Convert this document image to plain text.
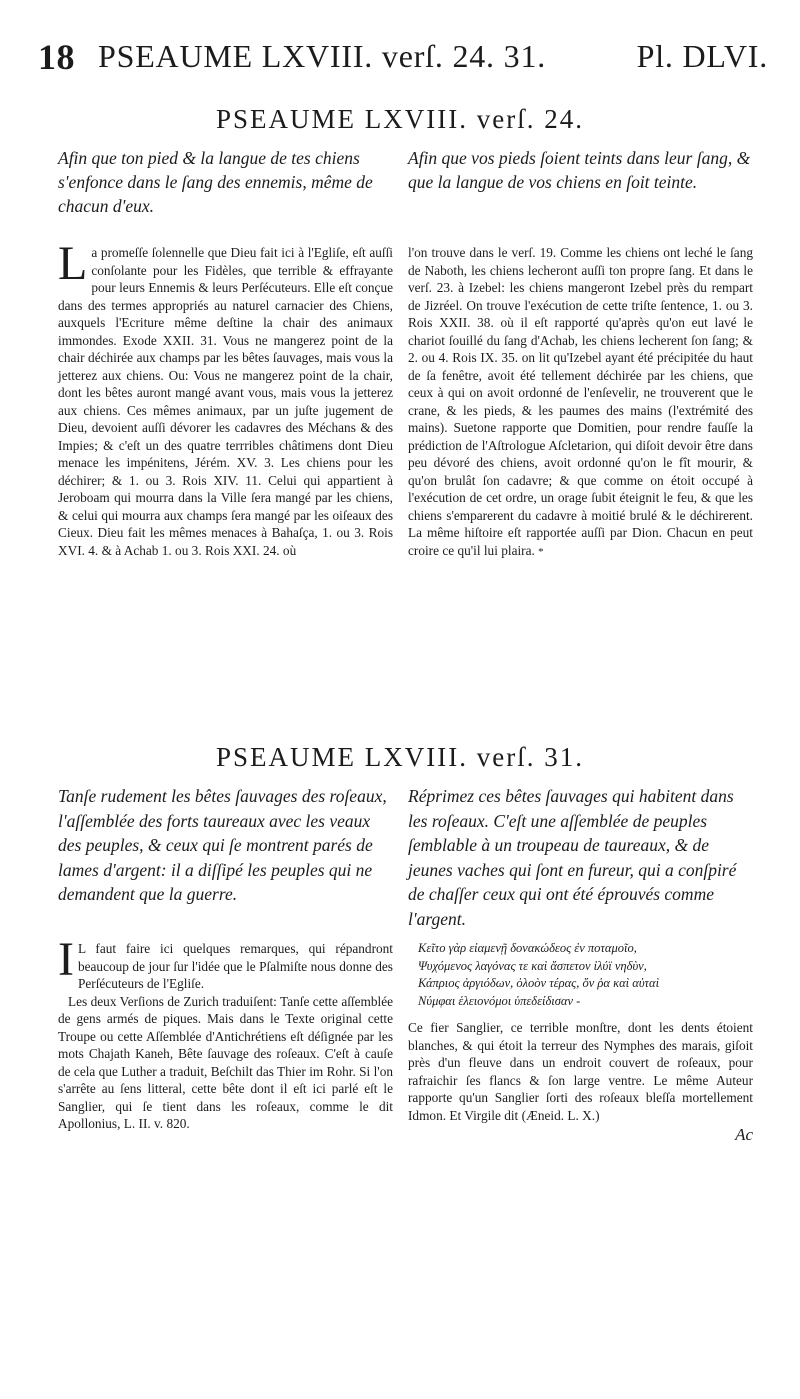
18 PSEAUME LXVIII. verſ. 24. 31.	Pl. DLVI.
PSEAUME LXVIII. verſ. 24.
Afin que ton pied & la langue de tes chiens s'enfonce dans le ſang des ennemis, même de chacun d'eux.
Afin que vos pieds ſoient teints dans leur ſang, & que la langue de vos chiens en ſoit teinte.

La promeſſe ſolennelle que Dieu fait ici à l'Egliſe, eſt auſſi conſolante pour les Fidèles, que terrible & effrayante pour leurs Ennemis & leurs Perſécuteurs. Elle eſt conçue dans des termes appropriés au naturel carnacier des Chiens, auxquels l'Ecriture même deſtine la chair des animaux immondes. Exode XXII. 31. Vous ne mangerez point de la chair déchirée aux champs par les bêtes ſauvages, mais vous la jetterez aux chiens. Ou: Vous ne mangerez point de la chair, dont les bêtes auront mangé avant vous, mais vous la jetterez aux chiens. Ces mêmes animaux, par un juſte jugement de Dieu, devoient auſſi dévorer les cadavres des Méchans & des Impies; & c'eſt un des quatre terrribles châtimens dont Dieu menace les impénitens, Jérém. XV. 3. Les chiens pour les déchirer; & 1. ou 3. Rois XIV. 11. Celui qui appartient à Jeroboam qui mourra dans la Ville ſera mangé par les chiens, & celui qui mourra aux champs ſera mangé par les oiſeaux des Cieux. Dieu fait les mêmes menaces à Bahaſça, 1. ou 3. Rois XVI. 4. & à Achab 1. ou 3. Rois XXI. 24. où

l'on trouve dans le verſ. 19. Comme les chiens ont leché le ſang de Naboth, les chiens lecheront auſſi ton propre ſang. Et dans le verſ. 23. à Izebel: les chiens mangeront Izebel près du rempart de Jizréel. On trouve l'exécution de cette triſte ſentence, 1. ou 3. Rois XXII. 38. où il eſt rapporté qu'après qu'on eut lavé le chariot ſouillé du ſang d'Achab, les chiens lecherent ſon ſang; & 2. ou 4. Rois IX. 35. on lit qu'Izebel ayant été précipitée du haut de ſa fenêtre, avoit été tellement déchirée par les chiens, que ceux à qui on avoit ordonné de l'enſevelir, ne trouverent que le crane, & les pieds, & les paumes des mains (l'extrémité des mains). Suetone rapporte que Domitien, pour rendre fauſſe la prédiction de l'Aſtrologue Aſcletarion, qui diſoit devoir être dans peu dévoré des chiens, avoit ordonné qu'on le fît mourir, & qu'on brulât ſon cadavre; & que comme on étoit occupé à l'exécution de cet ordre, un orage ſubit éteignit le feu, & que les chiens s'emparerent du cadavre à moitié brulé & le déchirerent. La même hiſtoire eſt rapportée auſſi par Dion. Chacun en peut croire ce qu'il lui plaira. *

PSEAUME LXVIII. verſ. 31.
Tanſe rudement les bêtes ſauvages des roſeaux, l'aſſemblée des forts taureaux avec les veaux des peuples, & ceux qui ſe montrent parés de lames d'argent: il a diſſipé les peuples qui ne demandent que la guerre.
Réprimez ces bêtes ſauvages qui habitent dans les roſeaux. C'eſt une aſſemblée de peuples ſemblable à un troupeau de taureaux, & de jeunes vaches qui ſont en fureur, qui a conſpiré de chaſſer ceux qui ont été éprouvés comme l'argent.

I L faut faire ici quelques remarques, qui répandront beaucoup de jour ſur l'idée que le Pſalmiſte nous donne des Perſécuteurs de l'Egliſe.

Les deux Verſions de Zurich traduiſent: Tanſe cette aſſemblée de gens armés de piques. Mais dans le Texte original cette Troupe ou cette Aſſemblée d'Antichrétiens eſt déſignée par les mots Chajath Kaneh, Bête ſauvage des roſeaux. C'eſt à cauſe de cela que Luther a traduit, Beſchilt das Thier im Rohr. Si l'on s'arrête au ſens litteral, cette bête dont il eſt ici parlé eſt le Sanglier, qui ſe tient dans les roſeaux, comme le dit Apollonius, L. II. v. 820.

Κεῖτο γὰρ εἰαμενῇ δονακώδεος ἐν ποταμοῖο,

Ψυχόμενος λαγόνας τε καὶ ἄσπετον ἰλύϊ νηδὺν,

Κάπριος ἀργιόδων, ὀλοὸν τέρας, ὅν ῥα καὶ αὐταὶ

Νύμφαι ἑλειονόμοι ὑπεδείδισαν -

Ce fier Sanglier, ce terrible monſtre, dont les dents étoient blanches, & qui étoit la terreur des Nymphes des marais, giſoit près d'un fleuve dans un endroit couvert de roſeaux, pour rafraichir ſes flancs & ſon large ventre. Le même Auteur rapporte qu'un Sanglier ſorti des roſeaux bleſſa mortellement Idmon. Et Virgile dit (Æneid. L. X.)

Ac
